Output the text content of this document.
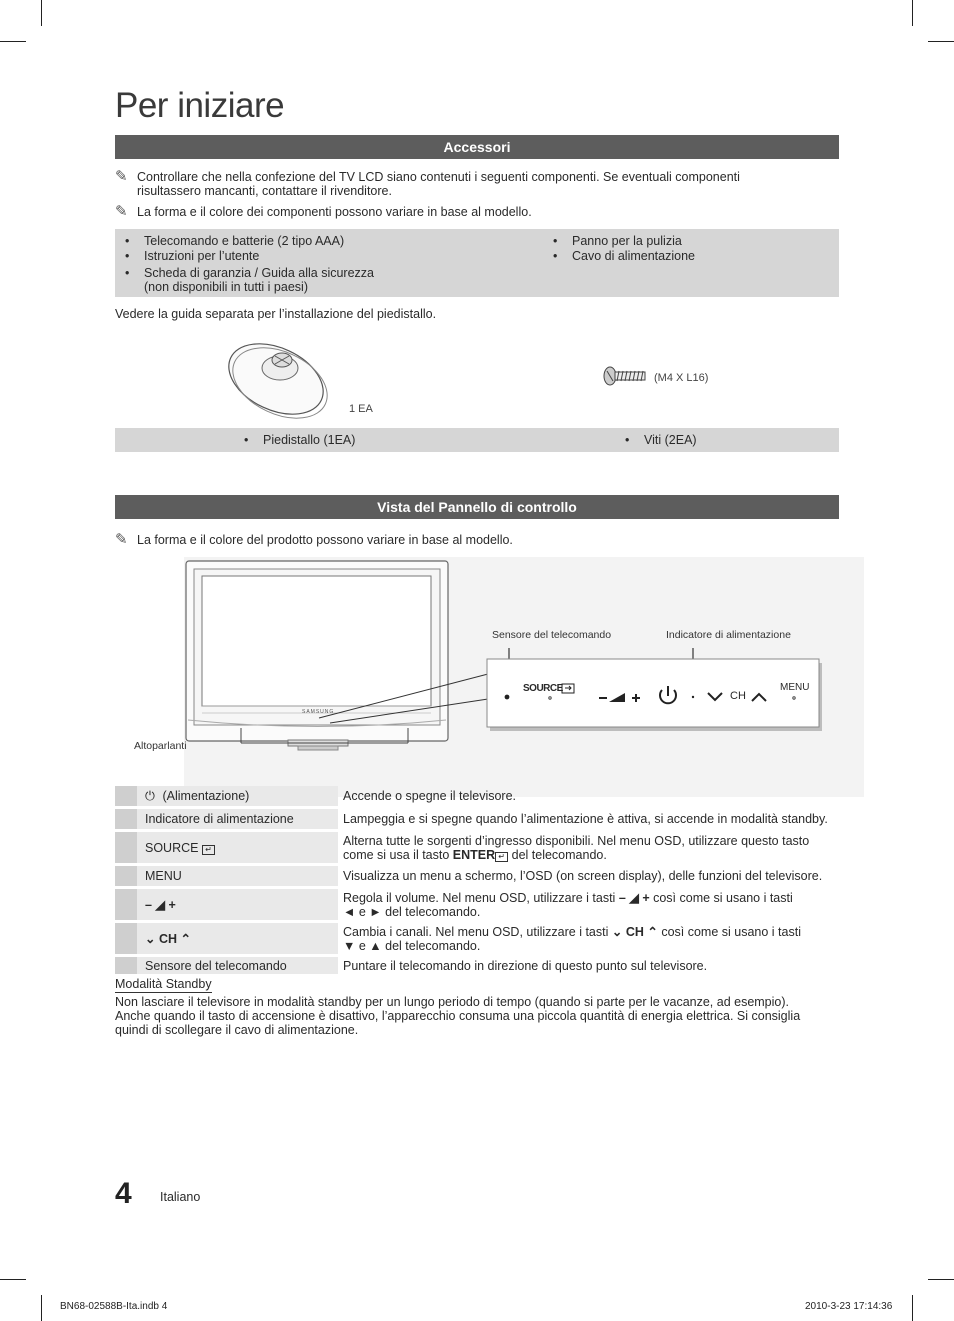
Per iniziare
Accessori
✎ Controllare che nella confezione del TV LCD siano contenuti i seguenti componenti. Se eventuali componenti risultassero mancanti, contattare il rivenditore.
✎ La forma e il colore dei componenti possono variare in base al modello.
• Telecomando e batterie (2 tipo AAA)
• Istruzioni per l’utente
• Scheda di garanzia / Guida alla sicurezza
(non disponibili in tutti i paesi)
• Panno per la pulizia
• Cavo di alimentazione
Vedere la guida separata per l’installazione del piedistallo.
1 EA
(M4 X L16)
• Piedistallo (1EA)	• Viti (2EA)
Vista del Pannello di controllo
✎ La forma e il colore del prodotto possono variare in base al modello.
SAMSUNG
Sensore del telecomando	Indicatore di alimentazione
Altoparlanti
SOURCE
CH
MENU
	⏻ (Alimentazione)	Accende o spegne il televisore.
	Indicatore di alimentazione	Lampeggia e si spegne quando l’alimentazione è attiva, si accende in modalità standby.
	SOURCE ↵	Alterna tutte le sorgenti d’ingresso disponibili. Nel menu OSD, utilizzare questo tasto
come si usa il tasto ENTER ↵ del telecomando.
	MENU	Visualizza un menu a schermo, l’OSD (on screen display), delle funzioni del televisore.
	– ◢ +	Regola il volume. Nel menu OSD, utilizzare i tasti – ◢ + così come si usano i tasti
◄ e ► del telecomando.
	⌄ CH ⌃	Cambia i canali. Nel menu OSD, utilizzare i tasti ⌄ CH ⌃ così come si usano i tasti
▼ e ▲ del telecomando.
	Sensore del telecomando	Puntare il telecomando in direzione di questo punto sul televisore.
Modalità Standby
Non lasciare il televisore in modalità standby per un lungo periodo di tempo (quando si parte per le vacanze, ad esempio).
Anche quando il tasto di accensione è disattivo, l’apparecchio consuma una piccola quantità di energia elettrica. Si consiglia
quindi di scollegare il cavo di alimentazione.
4 Italiano
BN68-02588B-Ita.indb 4	2010-3-23 17:14:36
